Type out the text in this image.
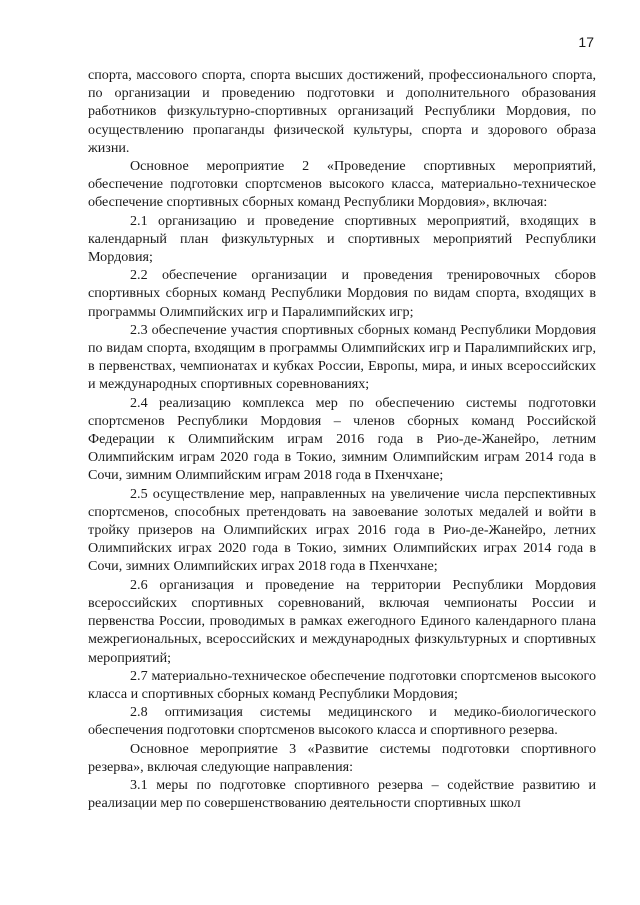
17

спорта, массового спорта, спорта высших достижений, профессионального спорта, по организации и проведению подготовки и дополнительного образования работников физкультурно-спортивных организаций Республики Мордовия, по осуществлению пропаганды физической культуры, спорта и здорового образа жизни.

Основное мероприятие 2 «Проведение спортивных мероприятий, обеспечение подготовки спортсменов высокого класса, материально-техническое обеспечение спортивных сборных команд Республики Мордовия», включая:

2.1 организацию и проведение спортивных мероприятий, входящих в календарный план физкультурных и спортивных мероприятий Республики Мордовия;

2.2 обеспечение организации и проведения тренировочных сборов спортивных сборных команд Республики Мордовия по видам спорта, входящих в программы Олимпийских игр и Паралимпийских игр;

2.3 обеспечение участия спортивных сборных команд Республики Мордовия по видам спорта, входящим в программы Олимпийских игр и Паралимпийских игр, в первенствах, чемпионатах и кубках России, Европы, мира, и иных всероссийских и международных спортивных соревнованиях;

2.4 реализацию комплекса мер по обеспечению системы подготовки спортсменов Республики Мордовия – членов сборных команд Российской Федерации к Олимпийским играм 2016 года в Рио-де-Жанейро, летним Олимпийским играм 2020 года в Токио, зимним Олимпийским играм 2014 года в Сочи, зимним Олимпийским играм 2018 года в Пхенчхане;

2.5 осуществление мер, направленных на увеличение числа перспективных спортсменов, способных претендовать на завоевание золотых медалей и войти в тройку призеров на Олимпийских играх 2016 года в Рио-де-Жанейро, летних Олимпийских играх 2020 года в Токио, зимних Олимпийских играх 2014 года в Сочи, зимних Олимпийских играх 2018 года в Пхенчхане;

2.6 организация и проведение на территории Республики Мордовия всероссийских спортивных соревнований, включая чемпионаты России и первенства России, проводимых в рамках ежегодного Единого календарного плана межрегиональных, всероссийских и международных физкультурных и спортивных мероприятий;

2.7 материально-техническое обеспечение подготовки спортсменов высокого класса и спортивных сборных команд Республики Мордовия;

2.8 оптимизация системы медицинского и медико-биологического обеспечения подготовки спортсменов высокого класса и спортивного резерва.

Основное мероприятие 3 «Развитие системы подготовки спортивного резерва», включая следующие направления:

3.1 меры по подготовке спортивного резерва – содействие развитию и реализации мер по совершенствованию деятельности спортивных школ
